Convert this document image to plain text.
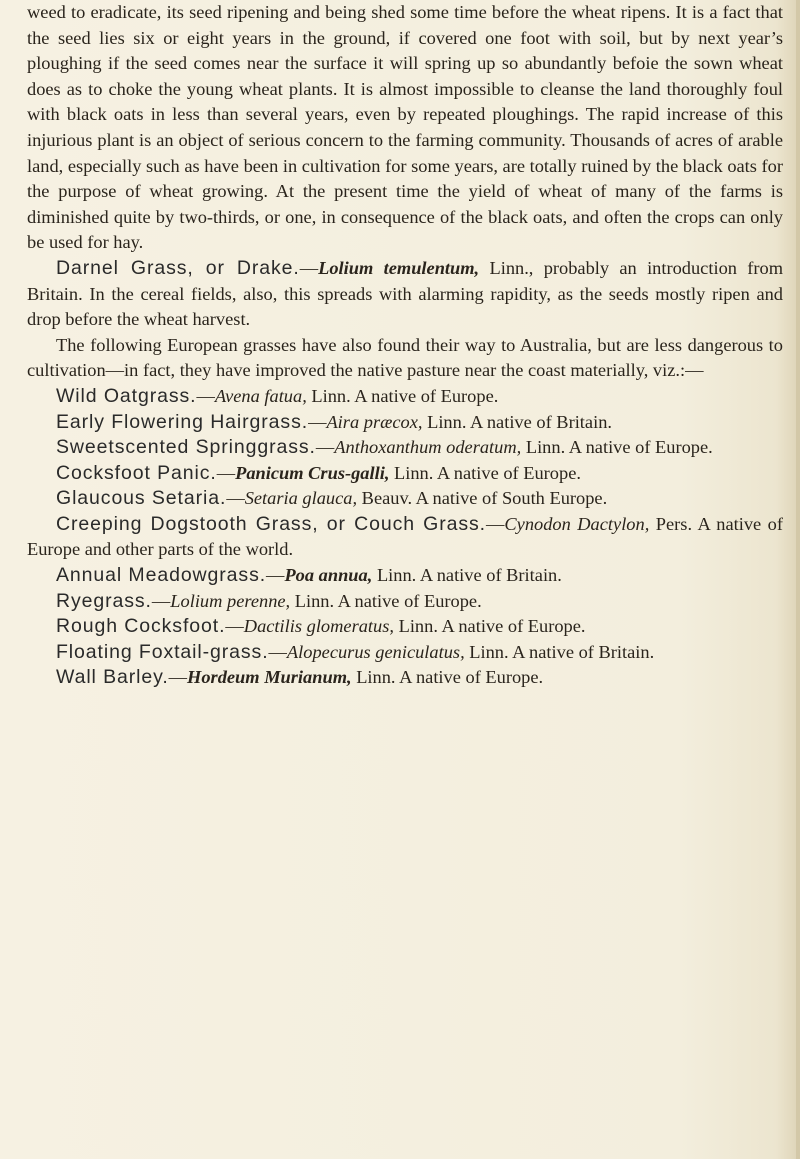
weed to eradicate, its seed ripening and being shed some time before the wheat ripens. It is a fact that the seed lies six or eight years in the ground, if covered one foot with soil, but by next year’s ploughing if the seed comes near the surface it will spring up so abundantly befoie the sown wheat does as to choke the young wheat plants. It is almost impossible to cleanse the land thoroughly foul with black oats in less than several years, even by repeated ploughings. The rapid increase of this injurious plant is an object of serious concern to the farming community. Thousands of acres of arable land, especially such as have been in cultivation for some years, are totally ruined by the black oats for the purpose of wheat growing. At the present time the yield of wheat of many of the farms is diminished quite by two-thirds, or one, in consequence of the black oats, and often the crops can only be used for hay.

Darnel Grass, or Drake.—Lolium temulentum, Linn., probably an introduction from Britain. In the cereal fields, also, this spreads with alarming rapidity, as the seeds mostly ripen and drop before the wheat harvest.

The following European grasses have also found their way to Australia, but are less dangerous to cultivation—in fact, they have improved the native pasture near the coast materially, viz.:—

Wild Oatgrass.—Avena fatua, Linn. A native of Europe.

Early Flowering Hairgrass.—Aira præcox, Linn. A native of Britain.

Sweetscented Springgrass.—Anthoxanthum oderatum, Linn. A native of Europe.

Cocksfoot Panic.—Panicum Crus-galli, Linn. A native of Europe.

Glaucous Setaria.—Setaria glauca, Beauv. A native of South Europe.

Creeping Dogstooth Grass, or Couch Grass.—Cynodon Dactylon, Pers. A native of Europe and other parts of the world.

Annual Meadowgrass.—Poa annua, Linn. A native of Britain.

Ryegrass.—Lolium perenne, Linn. A native of Europe.

Rough Cocksfoot.—Dactilis glomeratus, Linn. A native of Europe.

Floating Foxtail-grass.—Alopecurus geniculatus, Linn. A native of Britain.

Wall Barley.—Hordeum Murianum, Linn. A native of Europe.
